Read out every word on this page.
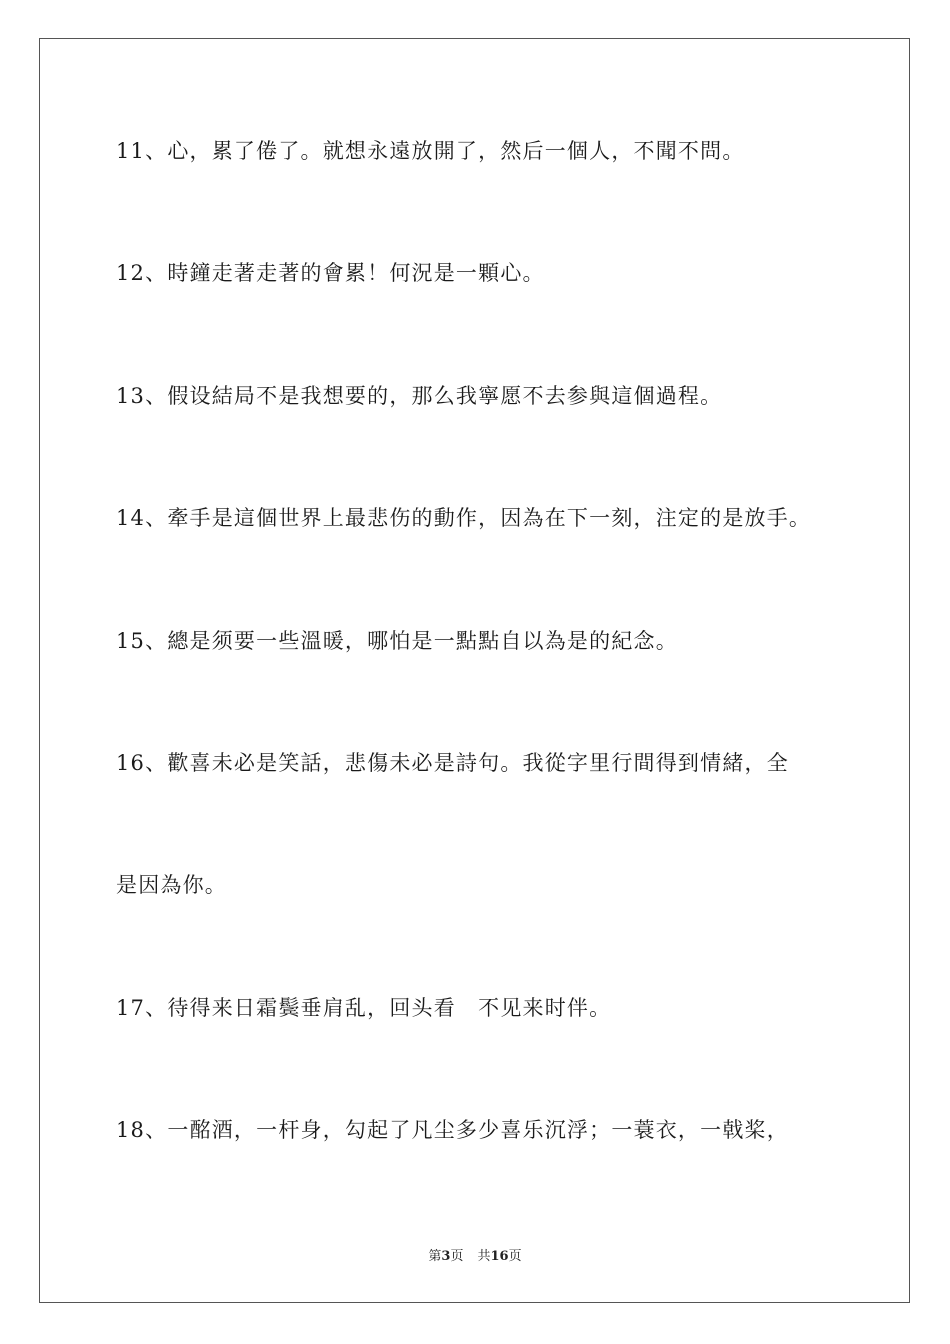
11、心，累了倦了。就想永遠放開了，然后一個人，不聞不問。
12、時鐘走著走著的會累！何況是一顆心。
13、假设結局不是我想要的，那么我寧愿不去参與這個過程。
14、牽手是這個世界上最悲伤的動作，因為在下一刻，注定的是放手。
15、總是须要一些溫暖，哪怕是一點點自以為是的紀念。
16、歡喜未必是笑話，悲傷未必是詩句。我從字里行間得到情緒，全
是因為你。
17、待得来日霜鬓垂肩乱，回头看　不见来时伴。
18、一酩酒，一杆身，勾起了凡尘多少喜乐沉浮；一蓑衣，一戟桨，
第3页 共16页
